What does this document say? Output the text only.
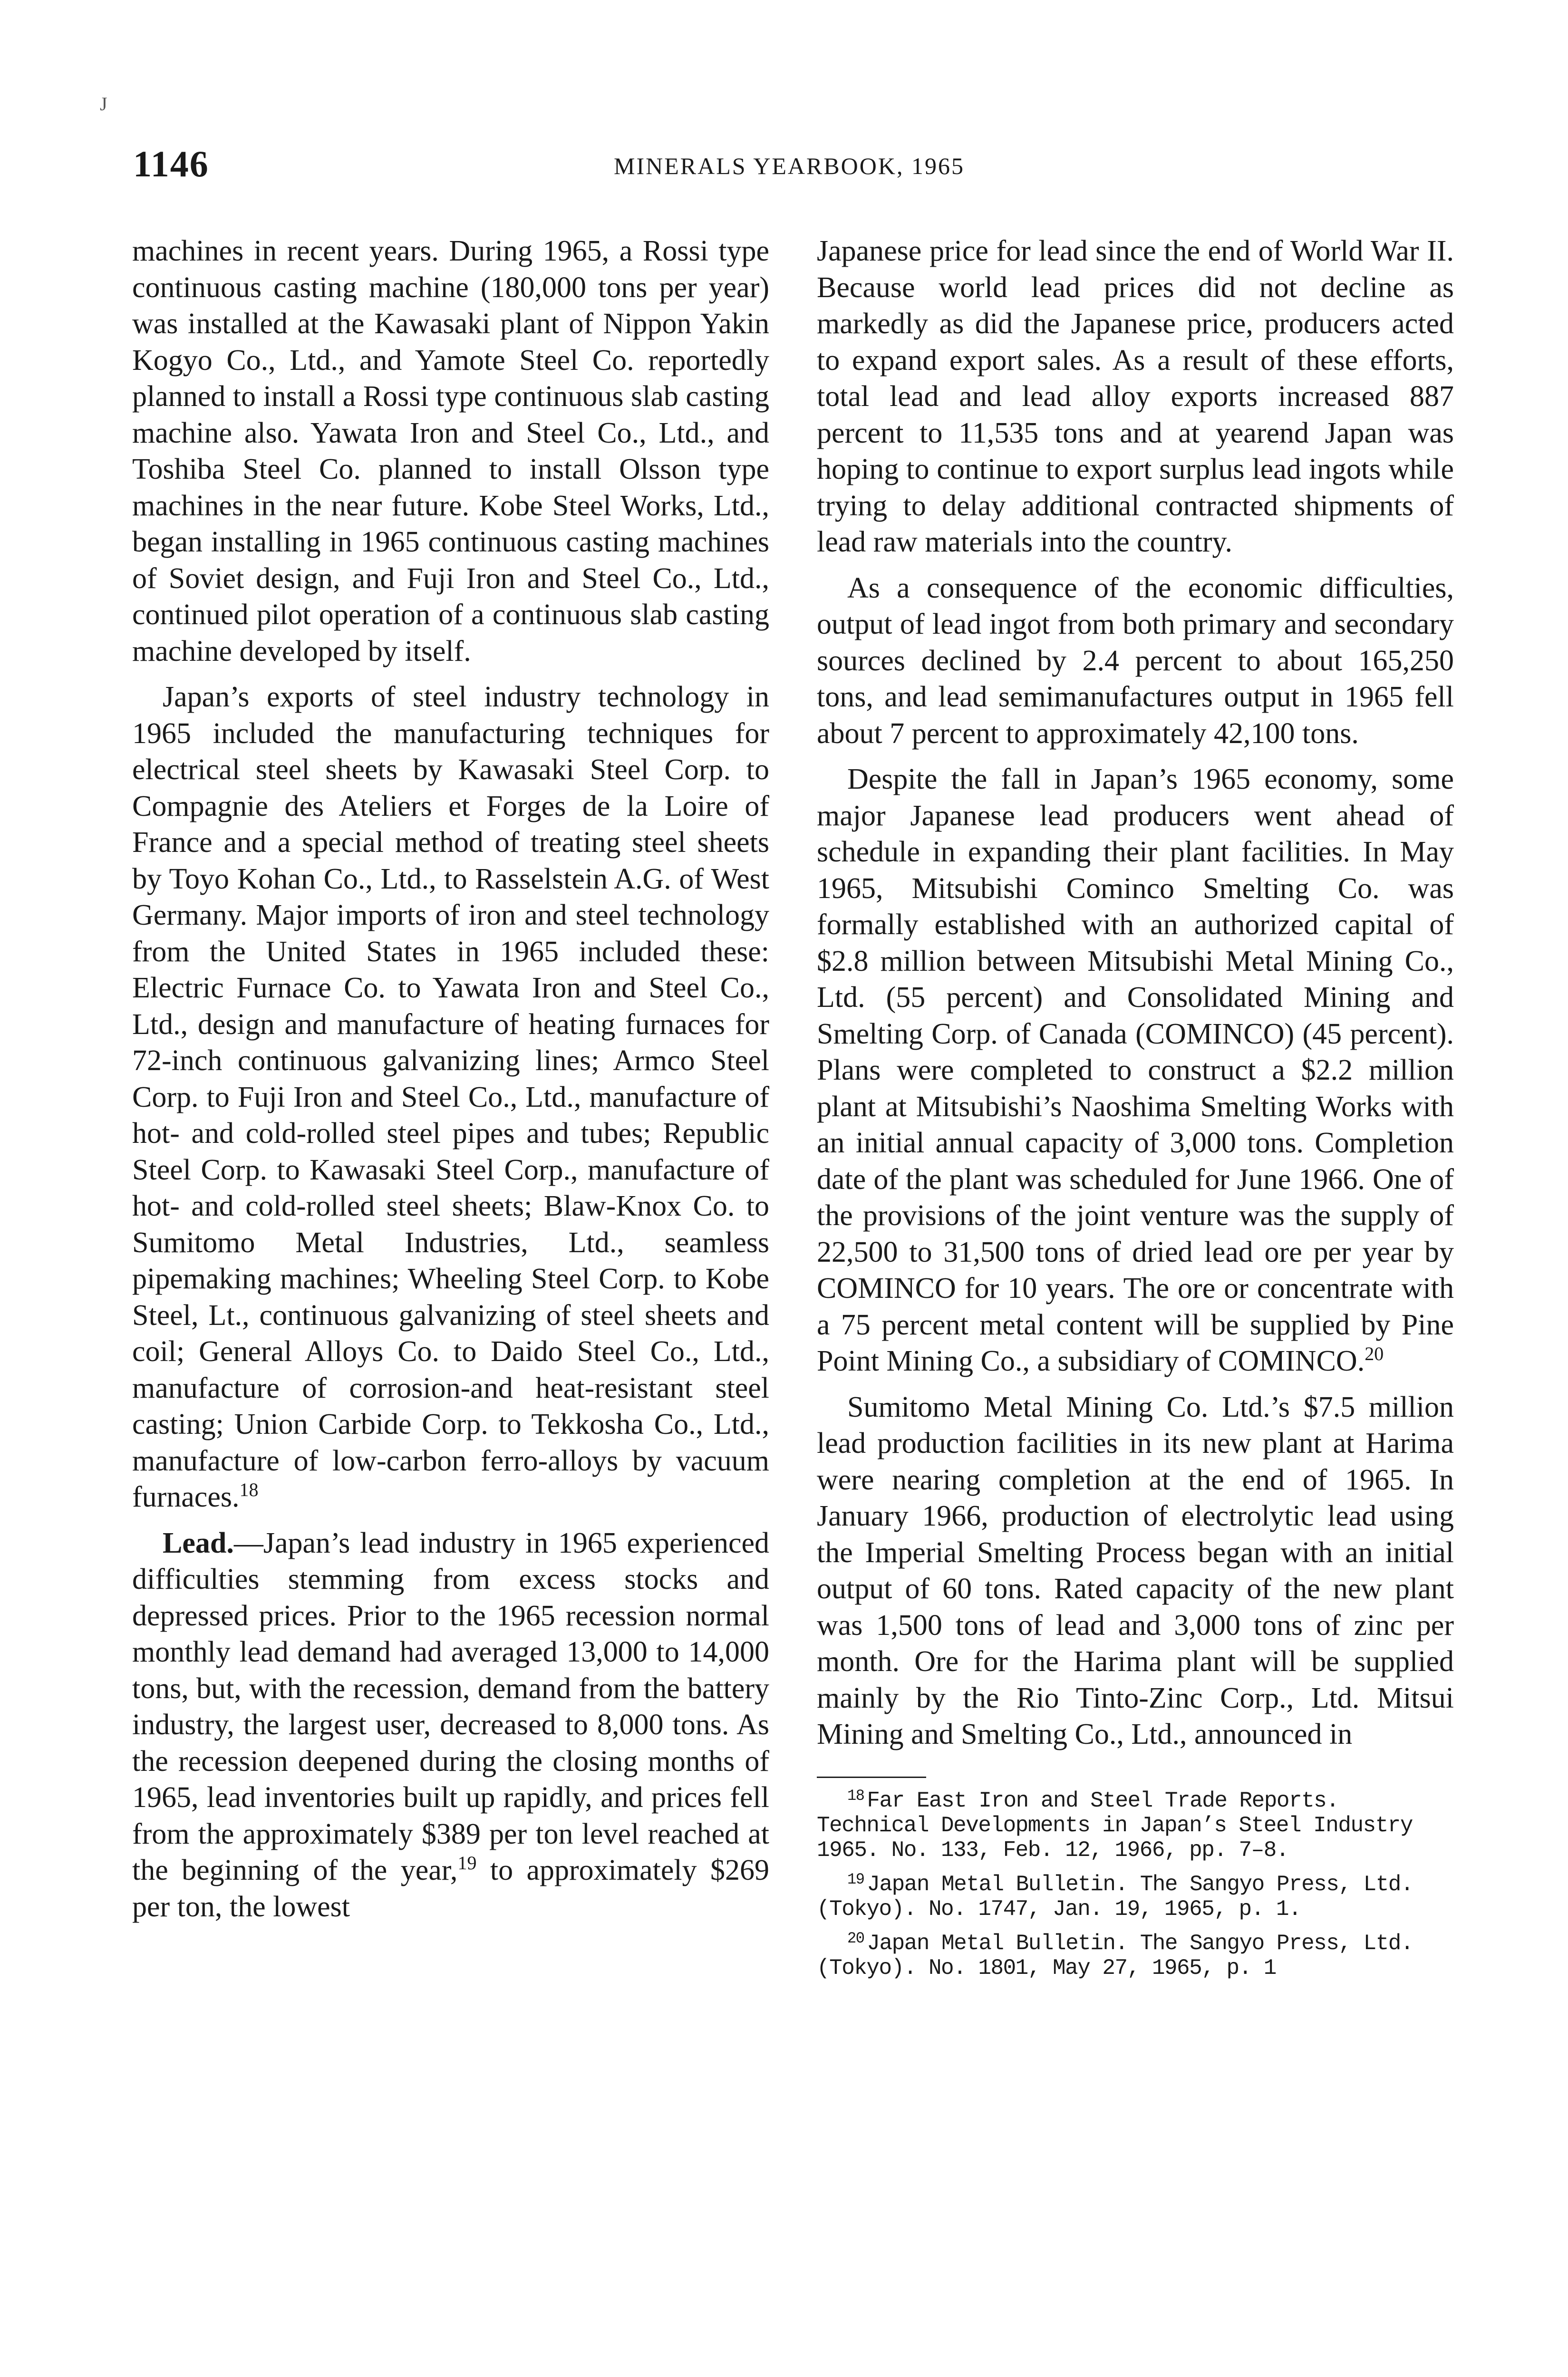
J
1146	MINERALS YEARBOOK, 1965

machines in recent years. During 1965, a Rossi type continuous casting machine (180,000 tons per year) was installed at the Kawasaki plant of Nippon Yakin Kogyo Co., Ltd., and Yamote Steel Co. reportedly planned to install a Rossi type continuous slab casting machine also. Yawata Iron and Steel Co., Ltd., and Toshiba Steel Co. planned to install Olsson type machines in the near future. Kobe Steel Works, Ltd., began installing in 1965 continuous casting machines of Soviet design, and Fuji Iron and Steel Co., Ltd., continued pilot operation of a continuous slab casting machine developed by itself.

Japan’s exports of steel industry technology in 1965 included the manufacturing techniques for electrical steel sheets by Kawasaki Steel Corp. to Compagnie des Ateliers et Forges de la Loire of France and a special method of treating steel sheets by Toyo Kohan Co., Ltd., to Rasselstein A.G. of West Germany. Major imports of iron and steel technology from the United States in 1965 included these: Electric Furnace Co. to Yawata Iron and Steel Co., Ltd., design and manufacture of heating furnaces for 72-inch continuous galvanizing lines; Armco Steel Corp. to Fuji Iron and Steel Co., Ltd., manufacture of hot- and cold-rolled steel pipes and tubes; Republic Steel Corp. to Kawasaki Steel Corp., manufacture of hot- and cold-rolled steel sheets; Blaw-Knox Co. to Sumitomo Metal Industries, Ltd., seamless pipemaking machines; Wheeling Steel Corp. to Kobe Steel, Lt., continuous galvanizing of steel sheets and coil; General Alloys Co. to Daido Steel Co., Ltd., manufacture of corrosion-and heat-resistant steel casting; Union Carbide Corp. to Tekkosha Co., Ltd., manufacture of low-carbon ferro-alloys by vacuum furnaces.$^{18}$

Lead.—Japan’s lead industry in 1965 experienced difficulties stemming from excess stocks and depressed prices. Prior to the 1965 recession normal monthly lead demand had averaged 13,000 to 14,000 tons, but, with the recession, demand from the battery industry, the largest user, decreased to 8,000 tons. As the recession deepened during the closing months of 1965, lead inventories built up rapidly, and prices fell from the approximately $389 per ton level reached at the beginning of the year,$^{19}$ to approximately $269 per ton, the lowest

Japanese price for lead since the end of World War II. Because world lead prices did not decline as markedly as did the Japanese price, producers acted to expand export sales. As a result of these efforts, total lead and lead alloy exports increased 887 percent to 11,535 tons and at yearend Japan was hoping to continue to export surplus lead ingots while trying to delay additional contracted shipments of lead raw materials into the country.

As a consequence of the economic difficulties, output of lead ingot from both primary and secondary sources declined by 2.4 percent to about 165,250 tons, and lead semimanufactures output in 1965 fell about 7 percent to approximately 42,100 tons.

Despite the fall in Japan’s 1965 economy, some major Japanese lead producers went ahead of schedule in expanding their plant facilities. In May 1965, Mitsubishi Cominco Smelting Co. was formally established with an authorized capital of $2.8 million between Mitsubishi Metal Mining Co., Ltd. (55 percent) and Consolidated Mining and Smelting Corp. of Canada (COMINCO) (45 percent). Plans were completed to construct a $2.2 million plant at Mitsubishi’s Naoshima Smelting Works with an initial annual capacity of 3,000 tons. Completion date of the plant was scheduled for June 1966. One of the provisions of the joint venture was the supply of 22,500 to 31,500 tons of dried lead ore per year by COMINCO for 10 years. The ore or concentrate with a 75 percent metal content will be supplied by Pine Point Mining Co., a subsidiary of COMINCO.$^{20}$

Sumitomo Metal Mining Co. Ltd.’s $7.5 million lead production facilities in its new plant at Harima were nearing completion at the end of 1965. In January 1966, production of electrolytic lead using the Imperial Smelting Process began with an initial output of 60 tons. Rated capacity of the new plant was 1,500 tons of lead and 3,000 tons of zinc per month. Ore for the Harima plant will be supplied mainly by the Rio Tinto-Zinc Corp., Ltd. Mitsui Mining and Smelting Co., Ltd., announced in

$^{18}$ Far East Iron and Steel Trade Reports. Technical Developments in Japan’s Steel Industry 1965. No. 133, Feb. 12, 1966, pp. 7–8.

$^{19}$ Japan Metal Bulletin. The Sangyo Press, Ltd. (Tokyo). No. 1747, Jan. 19, 1965, p. 1.

$^{20}$ Japan Metal Bulletin. The Sangyo Press, Ltd. (Tokyo). No. 1801, May 27, 1965, p. 1
